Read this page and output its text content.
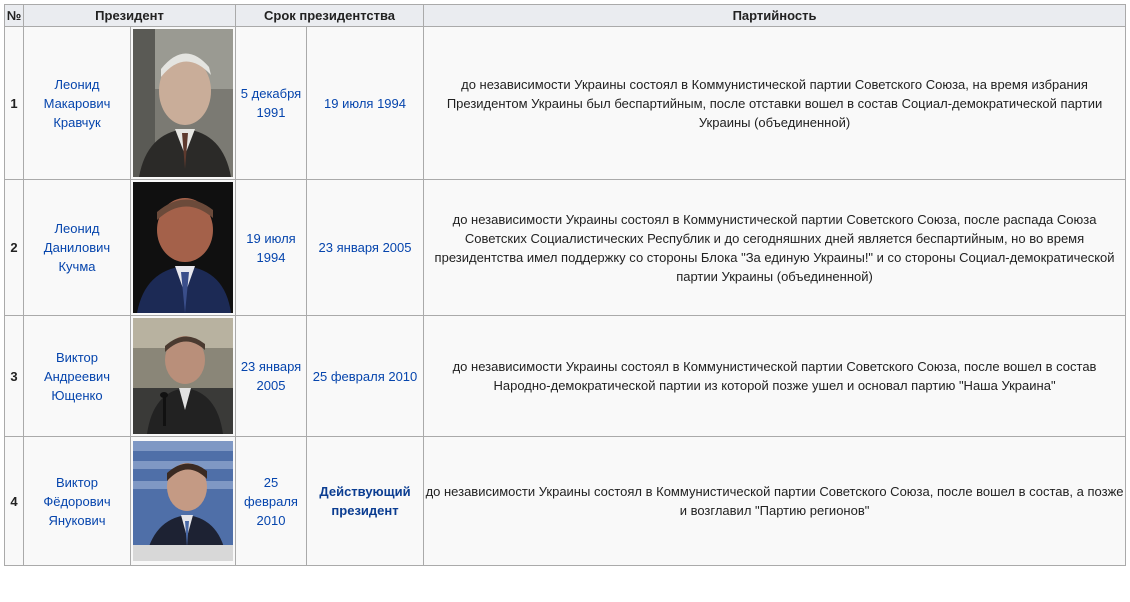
№	Президент		Срок президентства		Партийность
1	Леонид Макарович Кравчук		5 декабря 1991	19 июля 1994	до независимости Украины состоял в Коммунистической партии Советского Союза, на время избрания Президентом Украины был беспартийным, после отставки вошел в состав Социал-демократической партии Украины (объединенной)
2	Леонид Данилович Кучма		19 июля 1994	23 января 2005	до независимости Украины состоял в Коммунистической партии Советского Союза, после распада Союза Советских Социалистических Республик и до сегодняшних дней является беспартийным, но во время президентства имел поддержку со стороны Блока "За единую Украины!" и со стороны Социал-демократической партии Украины (объединенной)
3	Виктор Андреевич Ющенко		23 января 2005	25 февраля 2010	до независимости Украины состоял в Коммунистической партии Советского Союза, после вошел в состав Народно-демократической партии из которой позже ушел и основал партию "Наша Украина"
4	Виктор Фёдорович Янукович		25 февраля 2010	Действующий президент	до независимости Украины состоял в Коммунистической партии Советского Союза, после вошел в состав, а позже и возглавил "Партию регионов"
